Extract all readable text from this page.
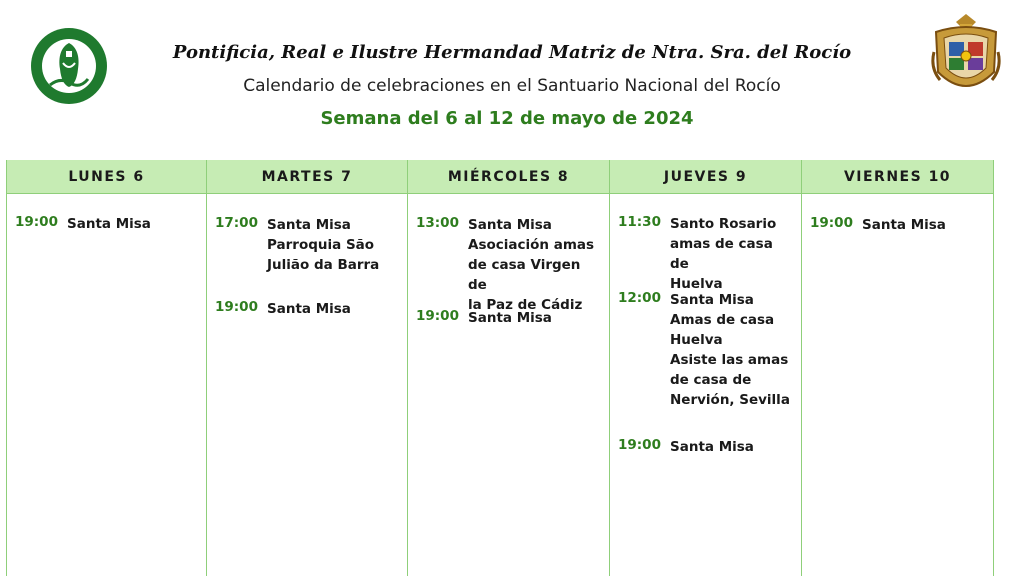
Pontificia, Real e Ilustre Hermandad Matriz de Ntra. Sra. del Rocío
Calendario de celebraciones en el Santuario Nacional del Rocío
Semana del 6 al 12 de mayo de 2024
LUNES 6
19:00 Santa Misa
MARTES 7
17:00 Santa Misa
Parroquia São
Julião da Barra
19:00 Santa Misa
MIÉRCOLES 8
13:00 Santa Misa
Asociación amas
de casa Virgen de
la Paz de Cádiz
19:00 Santa Misa
JUEVES 9
11:30 Santo Rosario
amas de casa de
Huelva
12:00 Santa Misa
Amas de casa
Huelva
Asiste las amas
de casa de
Nervión, Sevilla
19:00 Santa Misa
VIERNES 10
19:00 Santa Misa
